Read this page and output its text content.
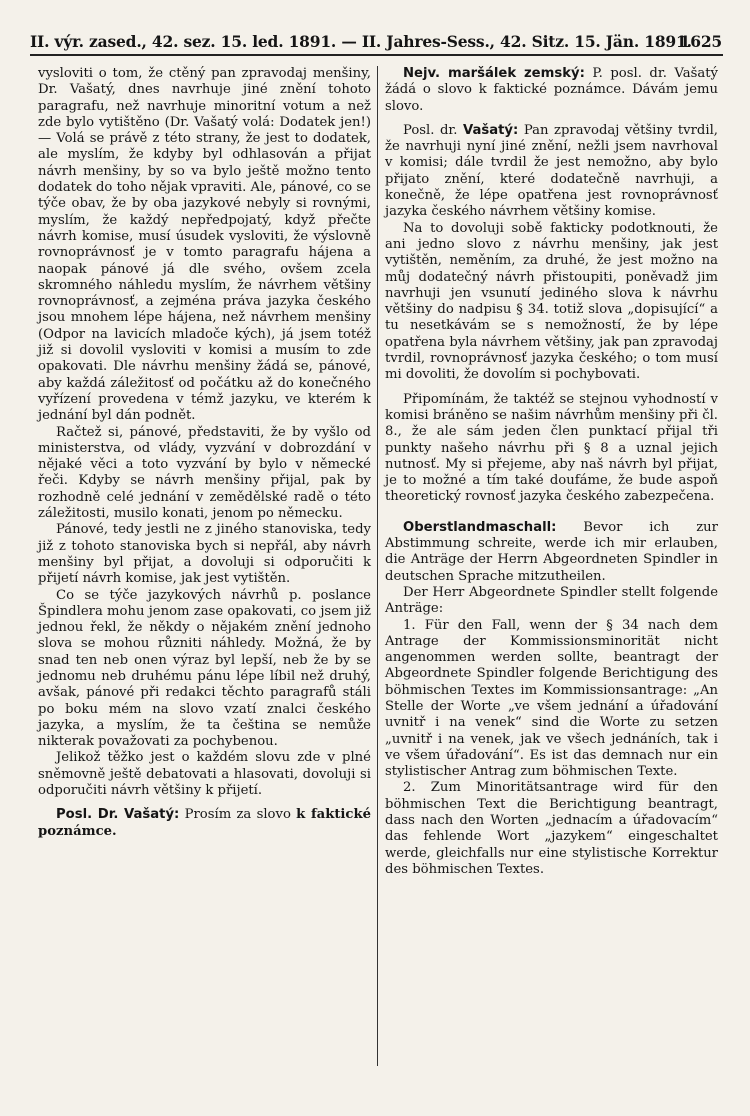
II. výr. zased., 42. sez. 15. led. 1891. — II. Jahres-Sess., 42. Sitz. 15. Jän. 1891.
1625

vysloviti o tom, že ctěný pan zpravodaj menšiny, Dr. Vašatý, dnes navrhuje jiné znění tohoto paragrafu, než navrhuje minoritní votum a než zde bylo vytištěno (Dr. Vašatý volá: Dodatek jen!) — Volá se právě z této strany, že jest to dodatek, ale myslím, že kdyby byl odhlasován a přijat návrh menšiny, by so va bylo ještě možno tento dodatek do toho nějak vpraviti. Ale, pánové, co se týče obav, že by oba jazykové nebyly si rovnými, myslím, že každý nepředpojatý, když přečte návrh komise, musí úsudek vysloviti, že výslovně rovnoprávnosť je v tomto paragrafu hájena a naopak pánové já dle svého, ovšem zcela skromného náhledu myslím, že návrhem většiny rovnoprávnosť, a zejména práva jazyka českého jsou mnohem lépe hájena, než návrhem menšiny (Odpor na lavicích mladoče kých), já jsem totéž již si dovolil vysloviti v komisi a musím to zde opakovati. Dle návrhu menšiny žádá se, pánové, aby každá záležitosť od počátku až do konečného vyřízení provedena v témž jazyku, ve kterém k jednání byl dán podnět.

Račtež si, pánové, představiti, že by vyšlo od ministerstva, od vlády, vyzvání v dobrozdání v nějaké věci a toto vyzvání by bylo v německé řeči. Kdyby se návrh menšiny přijal, pak by rozhodně celé jednání v zemědělské radě o této záležitosti, musilo konati, jenom po německu.

Pánové, tedy jestli ne z jiného stanoviska, tedy již z tohoto stanoviska bych si nepřál, aby návrh menšiny byl přijat, a dovoluji si odporučiti k přijetí návrh komise, jak jest vytištěn.

Co se týče jazykových návrhů p. poslance Špindlera mohu jenom zase opakovati, co jsem již jednou řekl, že někdy o nějakém znění jednoho slova se mohou různiti náhledy. Možná, že by snad ten neb onen výraz byl lepší, neb že by se jednomu neb druhému pánu lépe líbil než druhý, avšak, pánové při redakci těchto paragrafů stáli po boku mém na slovo vzatí znalci českého jazyka, a myslím, že ta čeština se nemůže nikterak považovati za pochybenou.

Jelikož těžko jest o každém slovu zde v plné sněmovně ještě debatovati a hlasovati, dovoluji si odporučiti návrh většiny k přijetí.

Posl. Dr. Vašatý: Prosím za slovo k faktické poznámce.

Nejv. maršálek zemský: P. posl. dr. Vašatý žádá o slovo k faktické poznámce. Dávám jemu slovo.

Posl. dr. Vašatý: Pan zpravodaj většiny tvrdil, že navrhuji nyní jiné znění, nežli jsem navrhoval v komisi; dále tvrdil že jest nemožno, aby bylo přijato znění, které dodatečně navrhuji, a konečně, že lépe opatřena jest rovnoprávnosť jazyka českého návrhem většiny komise.

Na to dovoluji sobě fakticky podotknouti, že ani jedno slovo z návrhu menšiny, jak jest vytištěn, neměním, za druhé, že jest možno na můj dodatečný návrh přistoupiti, poněvadž jim navrhuji jen vsunutí jediného slova k návrhu většiny do nadpisu § 34. totiž slova „dopisující“ a tu nesetkávám se s nemožností, že by lépe opatřena byla návrhem většiny, jak pan zpravodaj tvrdil, rovnoprávnosť jazyka českého; o tom musí mi dovoliti, že dovolím si pochybovati.

Připomínám, že taktéž se stejnou vyhodností v komisi bráněno se našim návrhům menšiny při čl. 8., že ale sám jeden člen punktací přijal tři punkty našeho návrhu při § 8 a uznal jejich nutnosť. My si přejeme, aby naš návrh byl přijat, je to možné a tím také doufáme, že bude aspoň theoretický rovnosť jazyka českého zabezpečena.

Oberstlandmaschall: Bevor ich zur Abstimmung schreite, werde ich mir erlauben, die Anträge der Herrn Abgeordneten Spindler in deutschen Sprache mitzutheilen.

Der Herr Abgeordnete Spindler stellt folgende Anträge:

1. Für den Fall, wenn der § 34 nach dem Antrage der Kommissionsminorität nicht angenommen werden sollte, beantragt der Abgeordnete Spindler folgende Berichtigung des böhmischen Textes im Kommissionsantrage: „An Stelle der Worte „ve všem jednání a úřadování uvnitř i na venek“ sind die Worte zu setzen „uvnitř i na venek, jak ve všech jednáních, tak i ve všem úřadování“. Es ist das demnach nur ein stylistischer Antrag zum böhmischen Texte.

2. Zum Minoritätsantrage wird für den böhmischen Text die Berichtigung beantragt, dass nach den Worten „jednacím a úřadovacím“ das fehlende Wort „jazykem“ eingeschaltet werde, gleichfalls nur eine stylistische Korrektur des böhmischen Textes.
